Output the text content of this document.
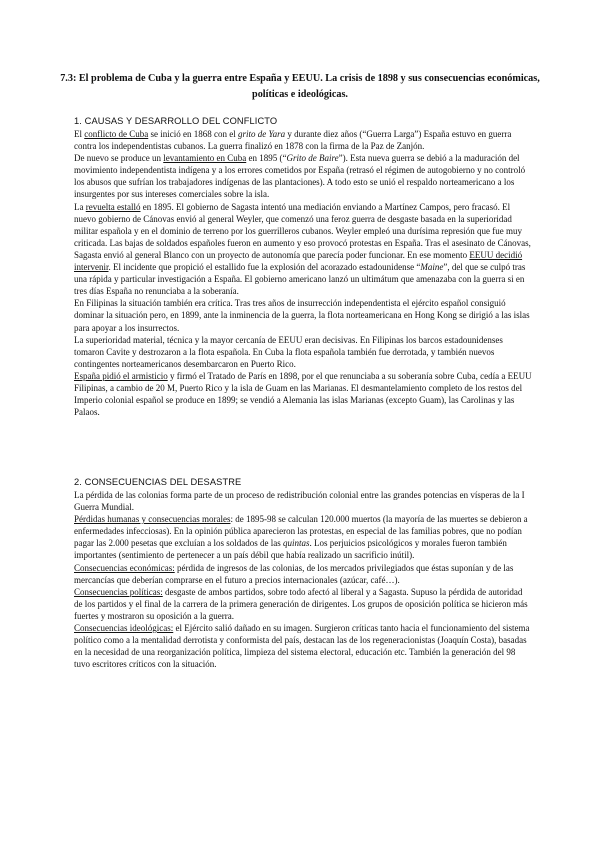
7.3: El problema de Cuba y la guerra entre España y EEUU. La crisis de 1898 y sus consecuencias económicas, políticas e ideológicas.
1. CAUSAS Y DESARROLLO DEL CONFLICTO

El conflicto de Cuba se inició en 1868 con el grito de Yara y durante diez años (“Guerra Larga”) España estuvo en guerra contra los independentistas cubanos. La guerra finalizó en 1878 con la firma de la Paz de Zanjón.

De nuevo se produce un levantamiento en Cuba en 1895 (“Grito de Baire”). Esta nueva guerra se debió a la maduración del movimiento independentista indígena y a los errores cometidos por España (retrasó el régimen de autogobierno y no controló los abusos que sufrían los trabajadores indígenas de las plantaciones). A todo esto se unió el respaldo norteamericano a los insurgentes por sus intereses comerciales sobre la isla.

La revuelta estalló en 1895. El gobierno de Sagasta intentó una mediación enviando a Martínez Campos, pero fracasó. El nuevo gobierno de Cánovas envió al general Weyler, que comenzó una feroz guerra de desgaste basada en la superioridad militar española y en el dominio de terreno por los guerrilleros cubanos. Weyler empleó una durísima represión que fue muy criticada. Las bajas de soldados españoles fueron en aumento y eso provocó protestas en España. Tras el asesinato de Cánovas, Sagasta envió al general Blanco con un proyecto de autonomía que parecía poder funcionar. En ese momento EEUU decidió intervenir. El incidente que propició el estallido fue la explosión del acorazado estadounidense “Maine”, del que se culpó tras una rápida y particular investigación a España. El gobierno americano lanzó un ultimátum que amenazaba con la guerra si en tres días España no renunciaba a la soberanía.

En Filipinas la situación también era crítica. Tras tres años de insurrección independentista el ejército español consiguió dominar la situación pero, en 1899, ante la inminencia de la guerra, la flota norteamericana en Hong Kong se dirigió a las islas para apoyar a los insurrectos.

La superioridad material, técnica y la mayor cercanía de EEUU eran decisivas. En Filipinas los barcos estadounidenses tomaron Cavite y destrozaron a la flota española. En Cuba la flota española también fue derrotada, y también nuevos contingentes norteamericanos desembarcaron en Puerto Rico.

España pidió el armisticio y firmó el Tratado de París en 1898, por el que renunciaba a su soberanía sobre Cuba, cedía a EEUU Filipinas, a cambio de 20 M, Puerto Rico y la isla de Guam en las Marianas. El desmantelamiento completo de los restos del Imperio colonial español se produce en 1899; se vendió a Alemania las islas Marianas (excepto Guam), las Carolinas y las Palaos.

2. CONSECUENCIAS DEL DESASTRE

La pérdida de las colonias forma parte de un proceso de redistribución colonial entre las grandes potencias en vísperas de la I Guerra Mundial.

Pérdidas humanas y consecuencias morales: de 1895-98 se calculan 120.000 muertos (la mayoría de las muertes se debieron a enfermedades infecciosas). En la opinión pública aparecieron las protestas, en especial de las familias pobres, que no podían pagar las 2.000 pesetas que excluían a los soldados de las quintas. Los perjuicios psicológicos y morales fueron también importantes (sentimiento de pertenecer a un país débil que había realizado un sacrificio inútil).

Consecuencias económicas: pérdida de ingresos de las colonias, de los mercados privilegiados que éstas suponían y de las mercancías que deberían comprarse en el futuro a precios internacionales (azúcar, café…).

Consecuencias políticas: desgaste de ambos partidos, sobre todo afectó al liberal y a Sagasta. Supuso la pérdida de autoridad de los partidos y el final de la carrera de la primera generación de dirigentes. Los grupos de oposición política se hicieron más fuertes y mostraron su oposición a la guerra.

Consecuencias ideológicas: el Ejército salió dañado en su imagen. Surgieron críticas tanto hacia el funcionamiento del sistema político como a la mentalidad derrotista y conformista del país, destacan las de los regeneracionistas (Joaquín Costa), basadas en la necesidad de una reorganización política, limpieza del sistema electoral, educación etc. También la generación del 98 tuvo escritores críticos con la situación.
